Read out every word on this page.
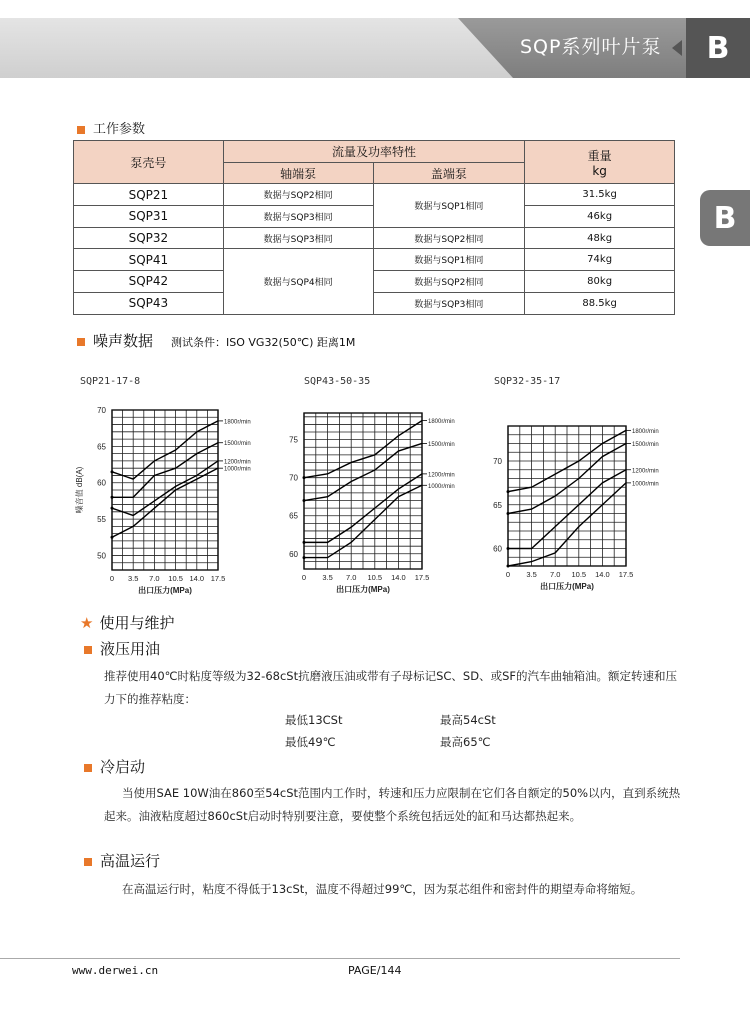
SQP系列叶片泵	B
B
工作参数
泵壳号	流量及功率特性		重量
kg
	轴端泵	盖端泵	
SQP21	数据与SQP2相同	数据与SQP1相同	31.5kg
SQP31	数据与SQP3相同		46kg
SQP32	数据与SQP3相同	数据与SQP2相同	48kg
SQP41	数据与SQP4相同	数据与SQP1相同	74kg
SQP42		数据与SQP2相同	80kg
SQP43		数据与SQP3相同	88.5kg
噪声数据 测试条件：ISO VG32(50℃) 距离1M
SQP21-17-8	SQP43-50-35	SQP32-35-17
50
55
60
65
70
0 3.5 7.0 10.5 14.0 17.5
出口压力(MPa)
噪音值 dB(A)
1800r/min
1500r/min
1200r/min
1000r/min
60
65
70
75
0 3.5 7.0 10.5 14.0 17.5
出口压力(MPa)
1800r/min
1500r/min
1200r/min
1000r/min
60
65
70
0 3.5 7.0 10.5 14.0 17.5
出口压力(MPa)
1800r/min
1500r/min
1200r/min
1000r/min
★ 使用与维护
液压用油
推荐使用40℃时粘度等级为32-68cSt抗磨液压油或带有子母标记SC、SD、或SF的汽车曲轴箱油。额定转速和压力下的推荐粘度：
最低13CSt	最高54cSt
最低49℃	最高65℃
冷启动
当使用SAE 10W油在860至54cSt范围内工作时，转速和压力应限制在它们各自额定的50%以内，直到系统热起来。油液粘度超过860cSt启动时特别要注意，要使整个系统包括远处的缸和马达都热起来。
高温运行
在高温运行时，粘度不得低于13cSt，温度不得超过99℃，因为泵芯组件和密封件的期望寿命将缩短。
www.derwei.cn	PAGE/144
